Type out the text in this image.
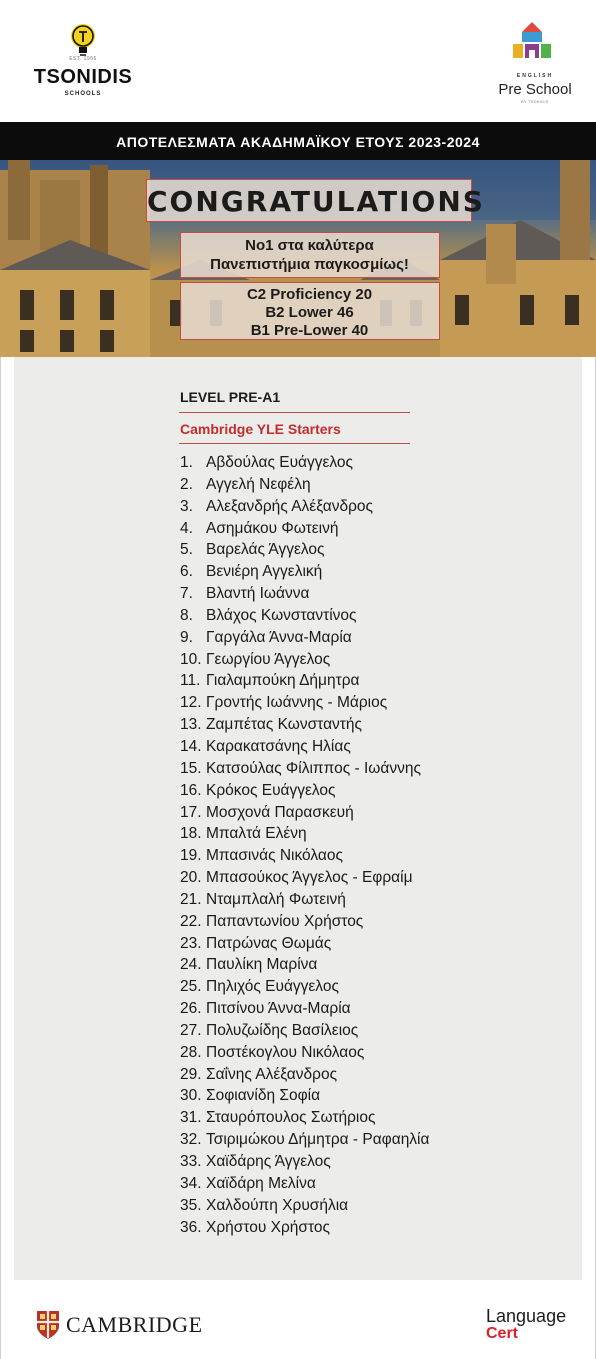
EST. 1966
TSONIDIS
SCHOOLS
ENGLISH
Pre School
BY TSONIDIS
ΑΠΟΤΕΛΕΣΜΑΤΑ ΑΚΑΔΗΜΑΪΚΟΥ ΕΤΟΥΣ 2023-2024
CONGRATULATIONS
No1 στα καλύτερα
Πανεπιστήμια παγκοσμίως!
C2 Proficiency 20
B2 Lower 46
B1 Pre-Lower 40
LEVEL PRE-A1
Cambridge YLE Starters
1. Αβδούλας Ευάγγελος
2. Αγγελή Νεφέλη
3. Αλεξανδρής Αλέξανδρος
4. Ασημάκου Φωτεινή
5. Βαρελάς Άγγελος
6. Βενιέρη Αγγελική
7. Βλαντή Ιωάννα
8. Βλάχος Κωνσταντίνος
9. Γαργάλα Άννα-Μαρία
10. Γεωργίου Άγγελος
11. Γιαλαμπούκη Δήμητρα
12. Γροντής Ιωάννης - Μάριος
13. Ζαμπέτας Κωνσταντής
14. Καρακατσάνης Ηλίας
15. Κατσούλας Φίλιππος - Ιωάννης
16. Κρόκος Ευάγγελος
17. Μοσχονά Παρασκευή
18. Μπαλτά Ελένη
19. Μπασινάς Νικόλαος
20. Μπασούκος Άγγελος - Εφραίμ
21. Νταμπλαλή Φωτεινή
22. Παπαντωνίου Χρήστος
23. Πατρώνας Θωμάς
24. Παυλίκη Μαρίνα
25. Πηλιχός Ευάγγελος
26. Πιτσίνου Άννα-Μαρία
27. Πολυζωίδης Βασίλειος
28. Ποστέκογλου Νικόλαος
29. Σαΐνης Αλέξανδρος
30. Σοφιανίδη Σοφία
31. Σταυρόπουλος Σωτήριος
32. Τσιριμώκου Δήμητρα - Ραφαηλία
33. Χαϊδάρης Άγγελος
34. Χαϊδάρη Μελίνα
35. Χαλδούπη Χρυσήλια
36. Χρήστου Χρήστος
CAMBRIDGE	Language
Cert
